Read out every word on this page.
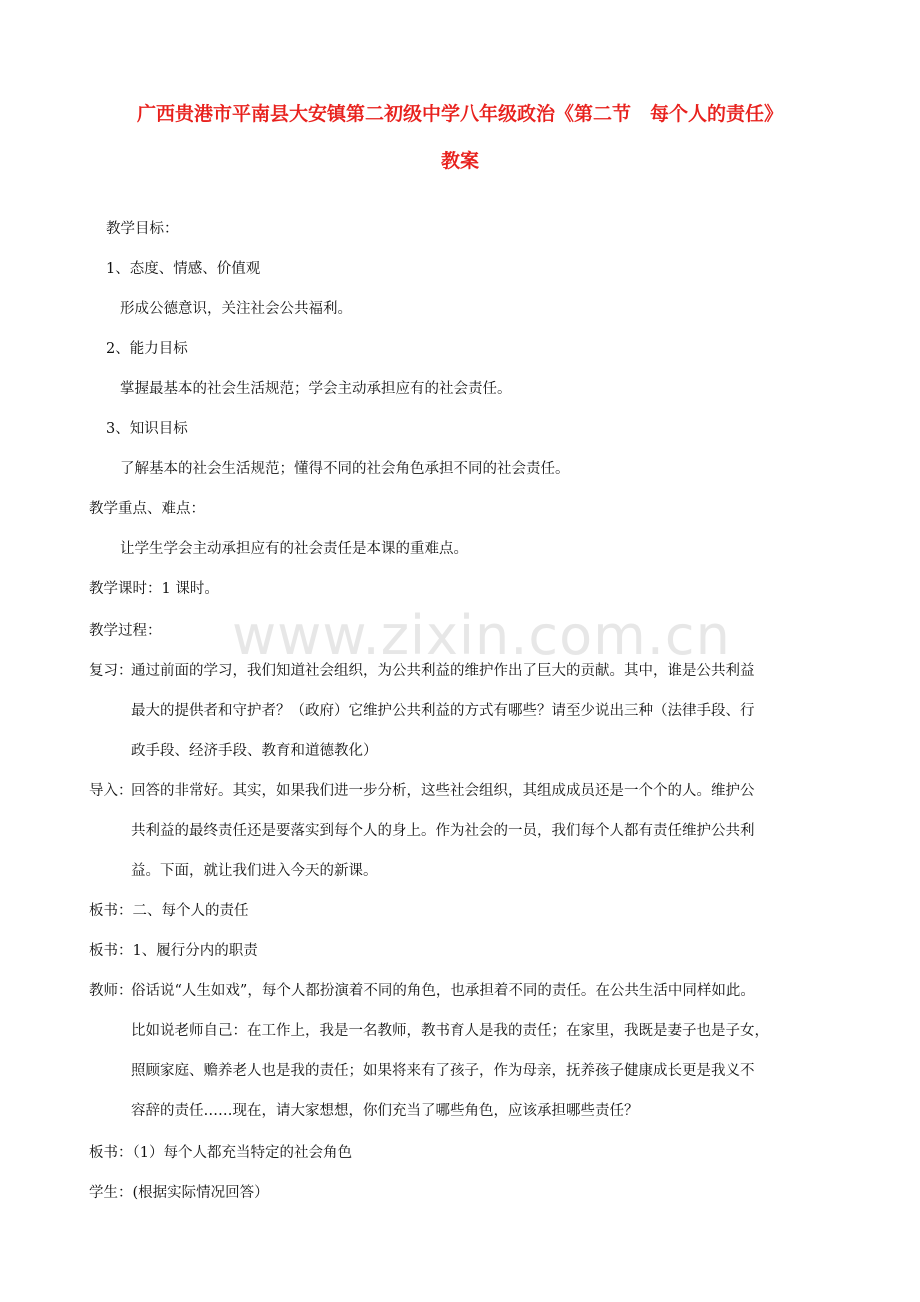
广西贵港市平南县大安镇第二初级中学八年级政治《第二节　每个人的责任》
教案
教学目标：
1、态度、情感、价值观
形成公德意识，关注社会公共福利。
2、能力目标
掌握最基本的社会生活规范；学会主动承担应有的社会责任。
3、知识目标
了解基本的社会生活规范；懂得不同的社会角色承担不同的社会责任。
教学重点、难点：
让学生学会主动承担应有的社会责任是本课的重难点。
教学课时：1 课时。
教学过程：
复习：
通过前面的学习，我们知道社会组织，为公共利益的维护作出了巨大的贡献。其中，谁是公共利益
最大的提供者和守护者？（政府）它维护公共利益的方式有哪些？请至少说出三种（法律手段、行
政手段、经济手段、教育和道德教化）
导入：
回答的非常好。其实，如果我们进一步分析，这些社会组织，其组成成员还是一个个的人。维护公
共利益的最终责任还是要落实到每个人的身上。作为社会的一员，我们每个人都有责任维护公共利
益。下面，就让我们进入今天的新课。
板书：二、每个人的责任
板书：1、履行分内的职责
教师：
俗话说“人生如戏”，每个人都扮演着不同的角色，也承担着不同的责任。在公共生活中同样如此。
比如说老师自己：在工作上，我是一名教师，教书育人是我的责任；在家里，我既是妻子也是子女，
照顾家庭、赡养老人也是我的责任；如果将来有了孩子，作为母亲，抚养孩子健康成长更是我义不
容辞的责任……现在，请大家想想，你们充当了哪些角色，应该承担哪些责任？
板书：（1）每个人都充当特定的社会角色
学生：(根据实际情况回答）
www.zixin.com.cn
